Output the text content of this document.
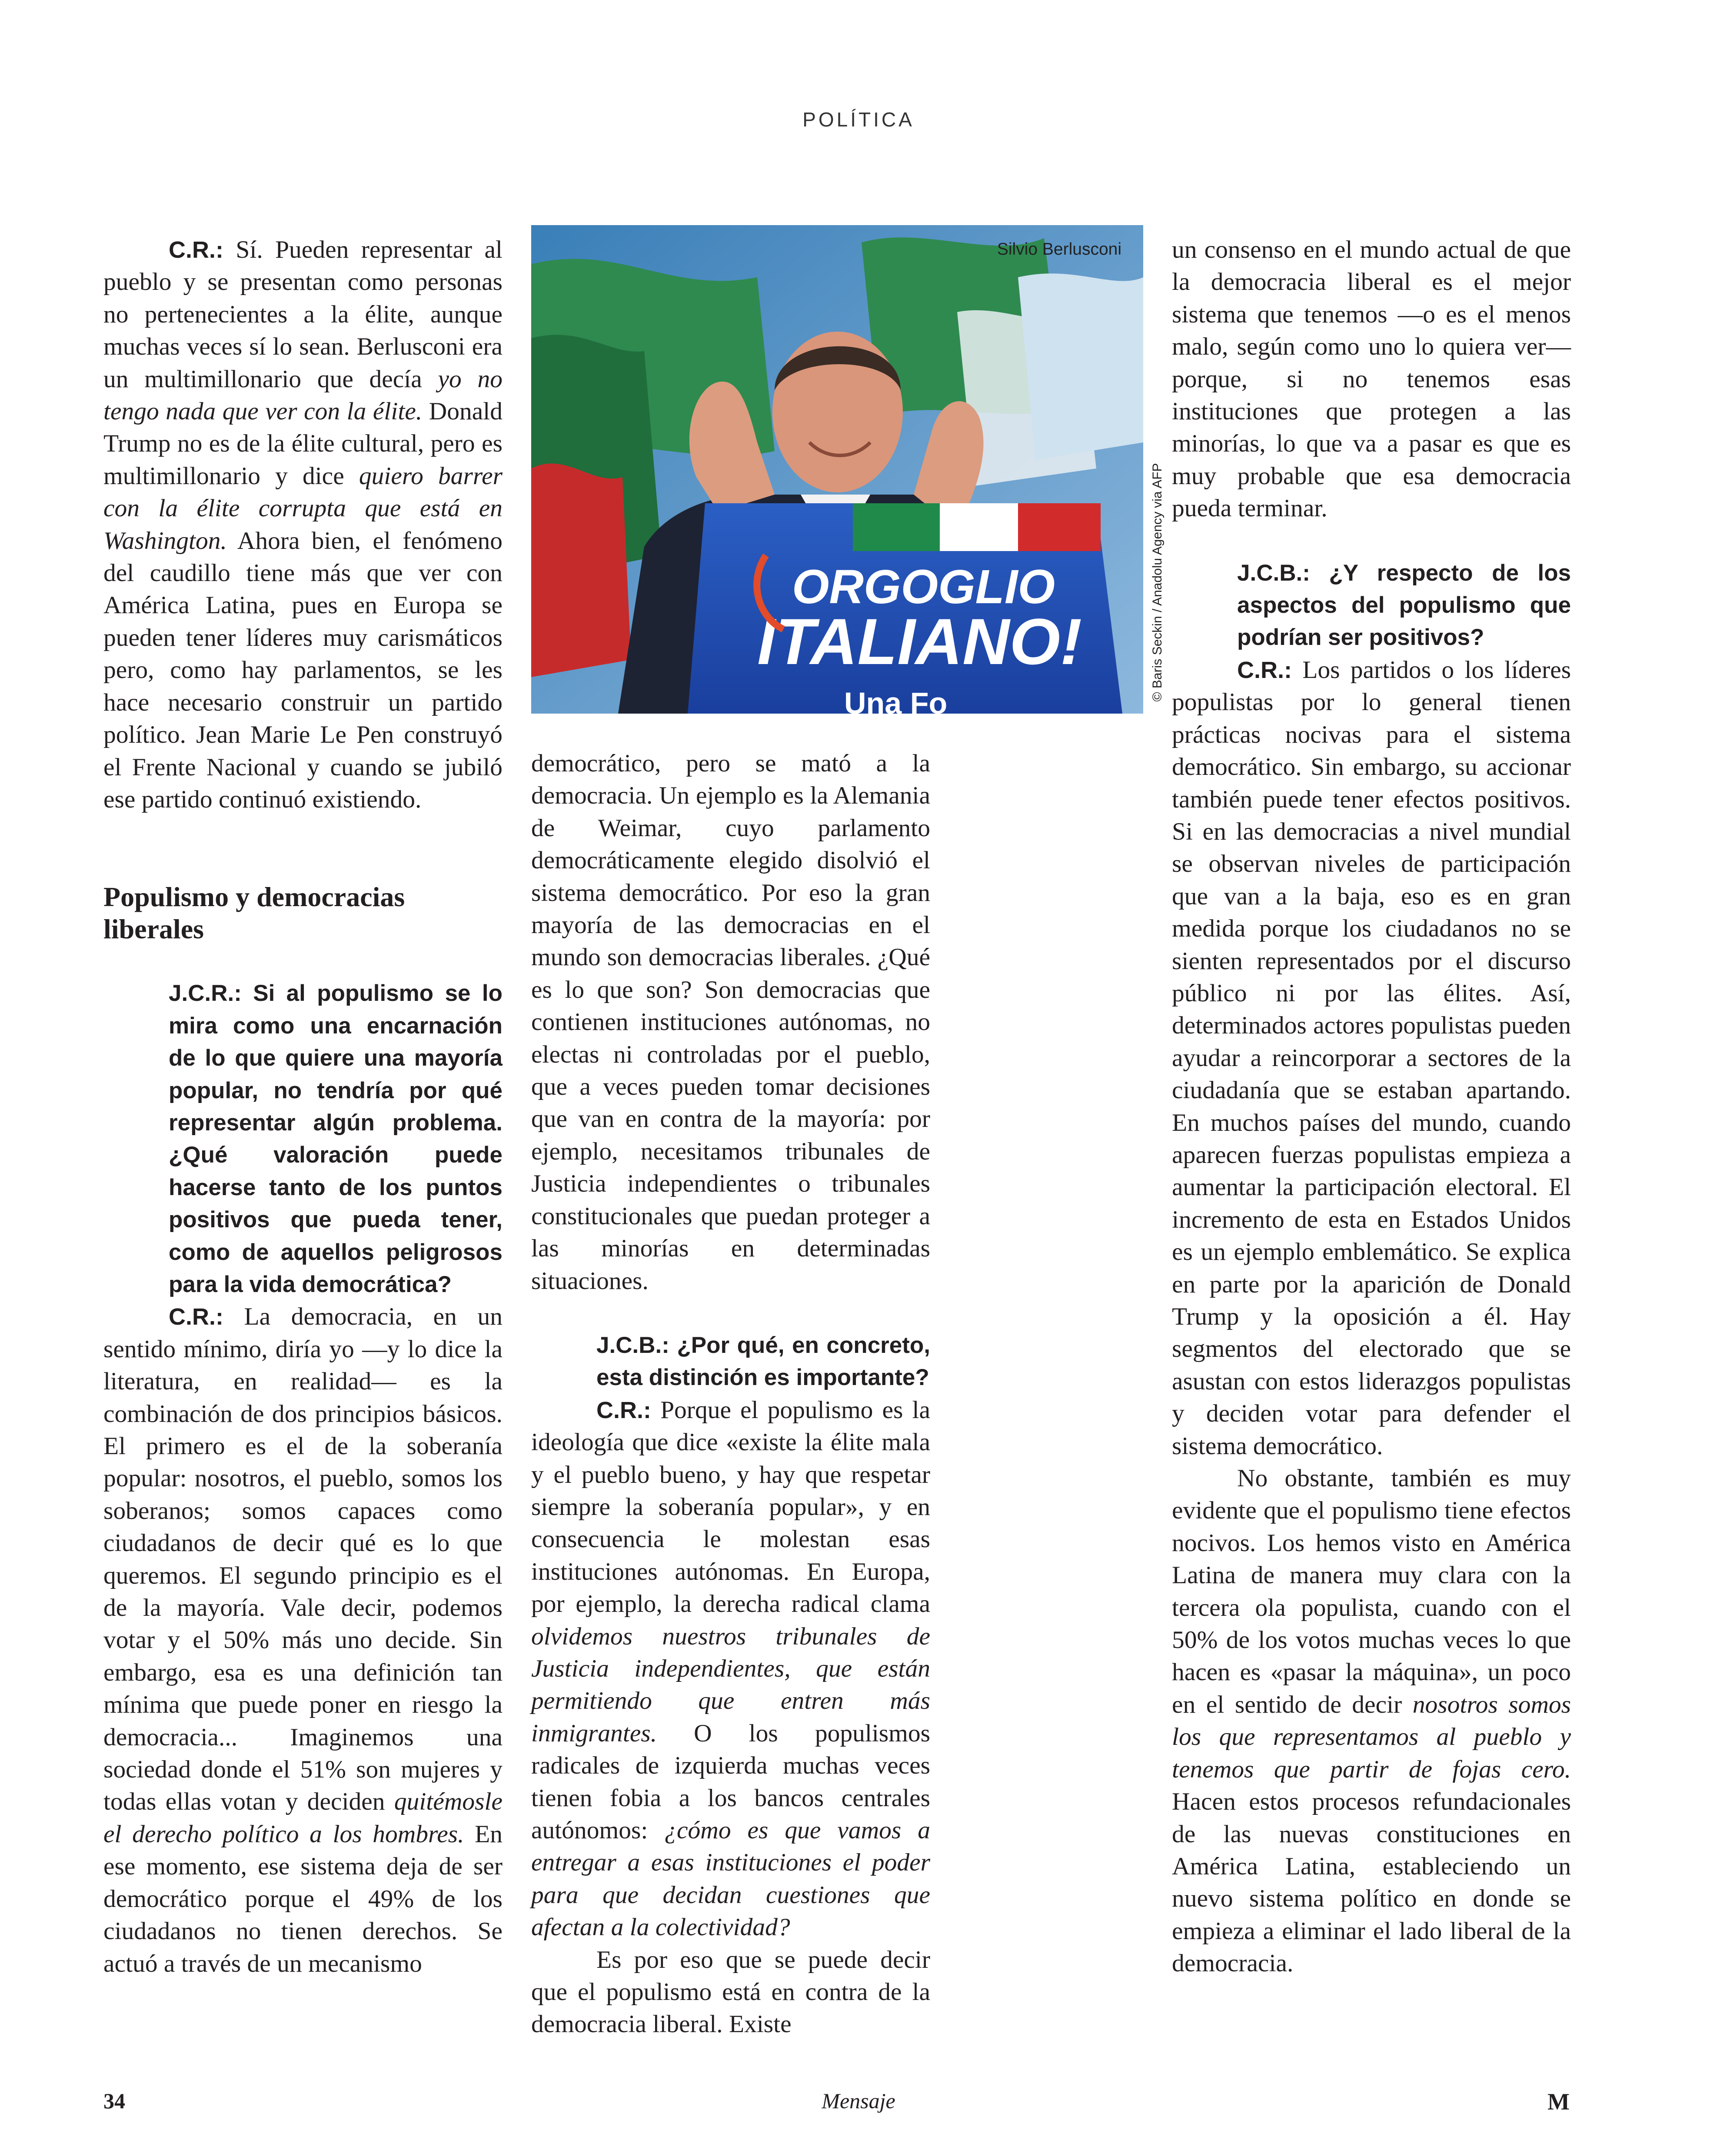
POLÍTICA

C.R.: Sí. Pueden representar al pueblo y se presentan como personas no pertenecientes a la élite, aunque muchas veces sí lo sean. Berlusconi era un multimillonario que decía yo no tengo nada que ver con la élite. Donald Trump no es de la élite cultural, pero es multimillonario y dice quiero barrer con la élite corrupta que está en Washington. Ahora bien, el fenómeno del caudillo tiene más que ver con América Latina, pues en Europa se pueden tener líderes muy carismáticos pero, como hay parlamentos, se les hace necesario construir un partido político. Jean Marie Le Pen construyó el Frente Nacional y cuando se jubiló ese partido continuó existiendo.

Populismo y democracias liberales

J.C.R.: Si al populismo se lo mira como una encarnación de lo que quiere una mayoría popular, no tendría por qué representar algún problema. ¿Qué valoración puede hacerse tanto de los puntos positivos que pueda tener, como de aquellos peligrosos para la vida democrática?

C.R.: La democracia, en un sentido mínimo, diría yo —y lo dice la literatura, en realidad— es la combinación de dos principios básicos. El primero es el de la soberanía popular: nosotros, el pueblo, somos los soberanos; somos capaces como ciudadanos de decir qué es lo que queremos. El segundo principio es el de la mayoría. Vale decir, podemos votar y el 50% más uno decide. Sin embargo, esa es una definición tan mínima que puede poner en riesgo la democracia... Imaginemos una sociedad donde el 51% son mujeres y todas ellas votan y deciden quitémosle el derecho político a los hombres. En ese momento, ese sistema deja de ser democrático porque el 49% de los ciudadanos no tienen derechos. Se actuó a través de un mecanismo

ORGOGLIO
ITALIANO!
Una Fo
Silvio Berlusconi
© Baris Seckin / Anadolu Agency via AFP

democrático, pero se mató a la democracia. Un ejemplo es la Alemania de Weimar, cuyo parlamento democráticamente elegido disolvió el sistema democrático. Por eso la gran mayoría de las democracias en el mundo son democracias liberales. ¿Qué es lo que son? Son democracias que contienen instituciones autónomas, no electas ni controladas por el pueblo, que a veces pueden tomar decisiones que van en contra de la mayoría: por ejemplo, necesitamos tribunales de Justicia independientes o tribunales constitucionales que puedan proteger a las minorías en determinadas situaciones.

J.C.B.: ¿Por qué, en concreto, esta distinción es importante?

C.R.: Porque el populismo es la ideología que dice «existe la élite mala y el pueblo bueno, y hay que respetar siempre la soberanía popular», y en consecuencia le molestan esas instituciones autónomas. En Europa, por ejemplo, la derecha radical clama olvidemos nuestros tribunales de Justicia independientes, que están permitiendo que entren más inmigrantes. O los populismos radicales de izquierda muchas veces tienen fobia a los bancos centrales autónomos: ¿cómo es que vamos a entregar a esas instituciones el poder para que decidan cuestiones que afectan a la colectividad?

Es por eso que se puede decir que el populismo está en contra de la democracia liberal. Existe

un consenso en el mundo actual de que la democracia liberal es el mejor sistema que tenemos —o es el menos malo, según como uno lo quiera ver— porque, si no tenemos esas instituciones que protegen a las minorías, lo que va a pasar es que es muy probable que esa democracia pueda terminar.

J.C.B.: ¿Y respecto de los aspectos del populismo que podrían ser positivos?

C.R.: Los partidos o los líderes populistas por lo general tienen prácticas nocivas para el sistema democrático. Sin embargo, su accionar también puede tener efectos positivos. Si en las democracias a nivel mundial se observan niveles de participación que van a la baja, eso es en gran medida porque los ciudadanos no se sienten representados por el discurso público ni por las élites. Así, determinados actores populistas pueden ayudar a reincorporar a sectores de la ciudadanía que se estaban apartando. En muchos países del mundo, cuando aparecen fuerzas populistas empieza a aumentar la participación electoral. El incremento de esta en Estados Unidos es un ejemplo emblemático. Se explica en parte por la aparición de Donald Trump y la oposición a él. Hay segmentos del electorado que se asustan con estos liderazgos populistas y deciden votar para defender el sistema democrático.

No obstante, también es muy evidente que el populismo tiene efectos nocivos. Los hemos visto en América Latina de manera muy clara con la tercera ola populista, cuando con el 50% de los votos muchas veces lo que hacen es «pasar la máquina», un poco en el sentido de decir nosotros somos los que representamos al pueblo y tenemos que partir de fojas cero. Hacen estos procesos refundacionales de las nuevas constituciones en América Latina, estableciendo un nuevo sistema político en donde se empieza a eliminar el lado liberal de la democracia.

34	Mensaje	M
